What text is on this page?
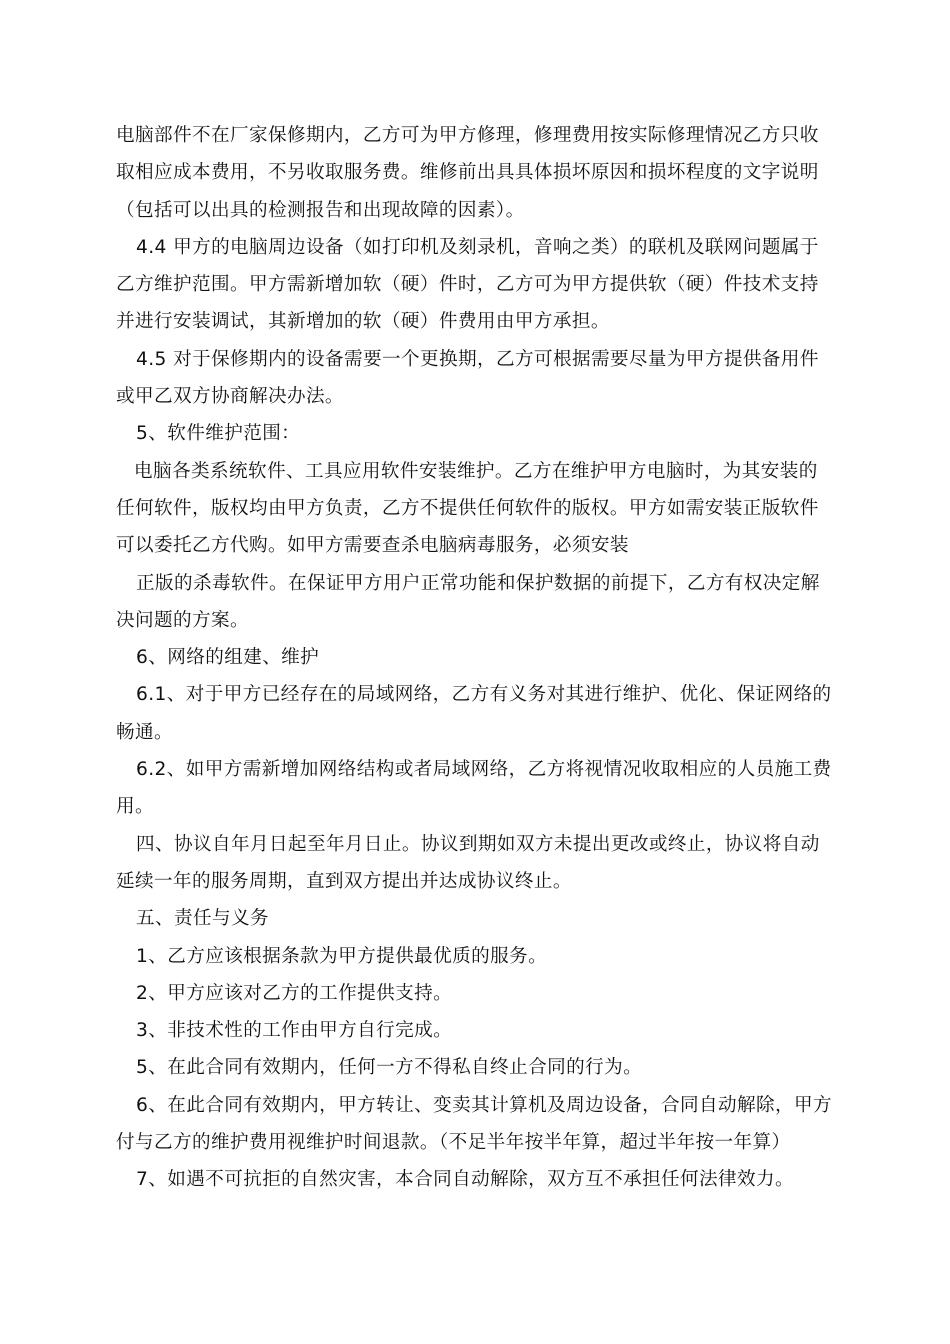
电脑部件不在厂家保修期内，乙方可为甲方修理，修理费用按实际修理情况乙方只收
取相应成本费用，不另收取服务费。维修前出具具体损坏原因和损坏程度的文字说明
（包括可以出具的检测报告和出现故障的因素）。
4.4 甲方的电脑周边设备（如打印机及刻录机，音响之类）的联机及联网问题属于
乙方维护范围。甲方需新增加软（硬）件时，乙方可为甲方提供软（硬）件技术支持
并进行安装调试，其新增加的软（硬）件费用由甲方承担。
4.5 对于保修期内的设备需要一个更换期，乙方可根据需要尽量为甲方提供备用件
或甲乙双方协商解决办法。
5、软件维护范围：
电脑各类系统软件、工具应用软件安装维护。乙方在维护甲方电脑时，为其安装的
任何软件，版权均由甲方负责，乙方不提供任何软件的版权。甲方如需安装正版软件
可以委托乙方代购。如甲方需要查杀电脑病毒服务，必须安装
正版的杀毒软件。在保证甲方用户正常功能和保护数据的前提下，乙方有权决定解
决问题的方案。
6、网络的组建、维护
6.1、对于甲方已经存在的局域网络，乙方有义务对其进行维护、优化、保证网络的
畅通。
6.2、如甲方需新增加网络结构或者局域网络，乙方将视情况收取相应的人员施工费
用。
四、协议自年月日起至年月日止。协议到期如双方未提出更改或终止，协议将自动
延续一年的服务周期，直到双方提出并达成协议终止。
五、责任与义务
1、乙方应该根据条款为甲方提供最优质的服务。
2、甲方应该对乙方的工作提供支持。
3、非技术性的工作由甲方自行完成。
5、在此合同有效期内，任何一方不得私自终止合同的行为。
6、在此合同有效期内，甲方转让、变卖其计算机及周边设备，合同自动解除，甲方
付与乙方的维护费用视维护时间退款。（不足半年按半年算，超过半年按一年算）
7、如遇不可抗拒的自然灾害，本合同自动解除，双方互不承担任何法律效力。
